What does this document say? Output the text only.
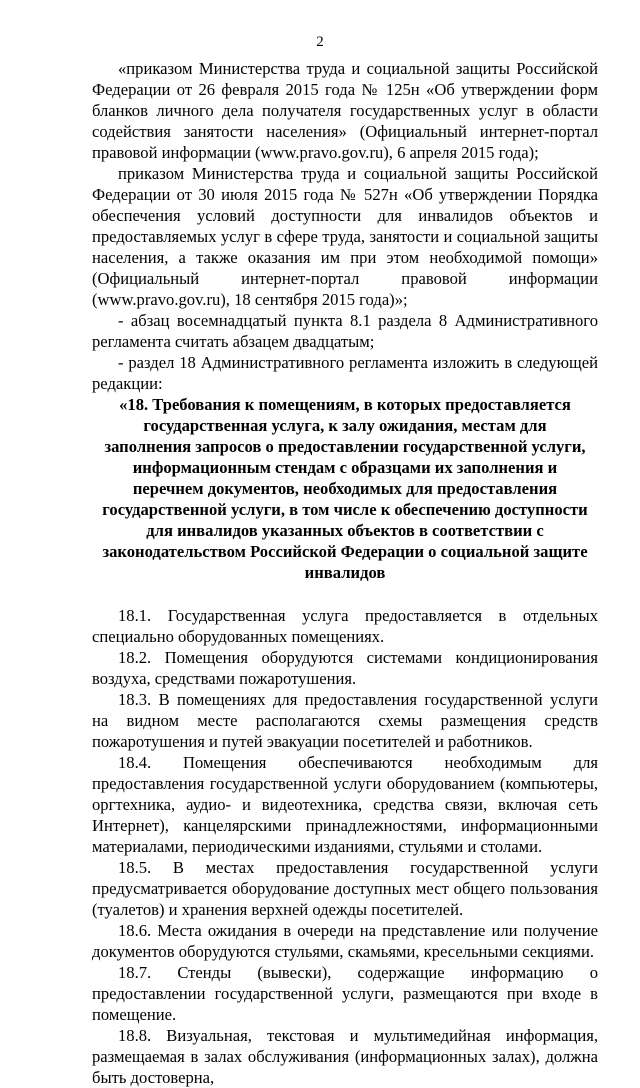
2

«приказом Министерства труда и социальной защиты Российской Федерации от 26 февраля 2015 года № 125н «Об утверждении форм бланков личного дела получателя государственных услуг в области содействия занятости населения» (Официальный интернет-портал правовой информации (www.pravo.gov.ru), 6 апреля 2015 года);

приказом Министерства труда и социальной защиты Российской Федерации от 30 июля 2015 года № 527н «Об утверждении Порядка обеспечения условий доступности для инвалидов объектов и предоставляемых услуг в сфере труда, занятости и социальной защиты населения, а также оказания им при этом необходимой помощи» (Официальный интернет-портал правовой информации (www.pravo.gov.ru), 18 сентября 2015 года)»;

- абзац восемнадцатый пункта 8.1 раздела 8 Административного регламента считать абзацем двадцатым;

- раздел 18 Административного регламента изложить в следующей редакции:

«18. Требования к помещениям, в которых предоставляется государственная услуга, к залу ожидания, местам для заполнения запросов о предоставлении государственной услуги, информационным стендам с образцами их заполнения и перечнем документов, необходимых для предоставления государственной услуги, в том числе к обеспечению доступности для инвалидов указанных объектов в соответствии с законодательством Российской Федерации о социальной защите инвалидов

18.1. Государственная услуга предоставляется в отдельных специально оборудованных помещениях.

18.2. Помещения оборудуются системами кондиционирования воздуха, средствами пожаротушения.

18.3. В помещениях для предоставления государственной услуги на видном месте располагаются схемы размещения средств пожаротушения и путей эвакуации посетителей и работников.

18.4. Помещения обеспечиваются необходимым для предоставления государственной услуги оборудованием (компьютеры, оргтехника, аудио- и видеотехника, средства связи, включая сеть Интернет), канцелярскими принадлежностями, информационными материалами, периодическими изданиями, стульями и столами.

18.5. В местах предоставления государственной услуги предусматривается оборудование доступных мест общего пользования (туалетов) и хранения верхней одежды посетителей.

18.6. Места ожидания в очереди на представление или получение документов оборудуются стульями, скамьями, кресельными секциями.

18.7. Стенды (вывески), содержащие информацию о предоставлении государственной услуги, размещаются при входе в помещение.

18.8. Визуальная, текстовая и мультимедийная информация, размещаемая в залах обслуживания (информационных залах), должна быть достоверна,
